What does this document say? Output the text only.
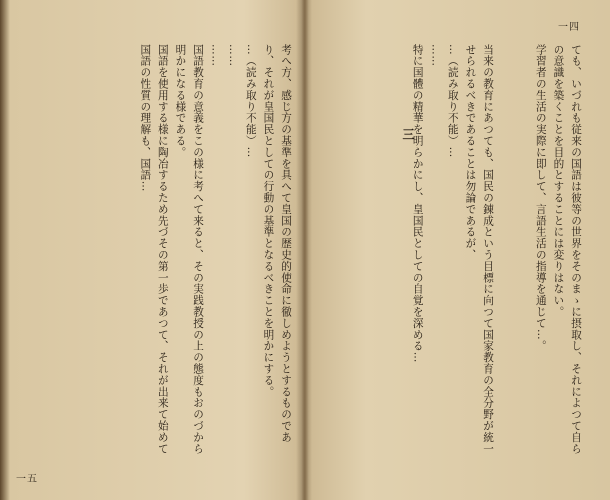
一五
考へ方、感じ方の基準を具へて皇国の歴史的使命に徹しめようとするものであり、それが皇国民としての行動の基準となるべきことを明かにする。
…（読み取り不能）…
……
……
国語教育の意義をこの様に考へて来ると、その実践教授の上の態度もおのづから明かになる様である。
国語を使用する様に陶冶するため先づその第一歩であつて、それが出来て始めて国語の性質の理解も、国語…
一四
三	ても、いづれも従来の国語は彼等の世界をそのまゝに摂取し、それによつて自らの意識を築くことを目的とすることには変りはない。
学習者の生活の実際に即して、言語生活の指導を通じて…。

当来の教育にあつても、国民の錬成という目標に向つて国家教育の全分野が統一せられるべきであることは勿論であるが、
…（読み取り不能）…
……
特に国體の精華を明らかにし、皇国民としての自覚を深める…
